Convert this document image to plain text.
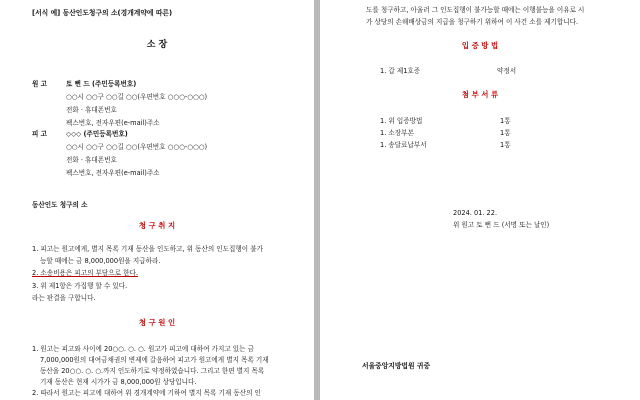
[서식 예] 동산인도청구의 소(경개계약에 따른)
소 장
원 고	토 뻔 드 (주민등록번호)
○○시 ○○구 ○○길 ○○(우편번호 ○○○-○○○)
전화 · 휴대폰번호
팩스번호, 전자우편(e-mail)주소
피 고	◇◇◇ (주민등록번호)
○○시 ○○구 ○○길 ○○(우편번호 ○○○-○○○)
전화 · 휴대폰번호
팩스번호, 전자우편(e-mail)주소
동산인도 청구의 소
청 구 취 지
1. 피고는 원고에게, 별지 목록 기재 동산을 인도하고, 위 동산의 인도집행이 불가
능할 때에는 금 8,000,000원을 지급하라.
2. 소송비용은 피고의 부담으로 한다.
3. 위 제1항은 가집행 할 수 있다.
라는 판결을 구합니다.
청 구 원 인
1. 원고는 피고와 사이에 20○○. ○. ○. 원고가 피고에 대하여 가지고 있는 금
7,000,000원의 대여금채권의 변제에 갈음하여 피고가 원고에게 별지 목록 기재
동산을 20○○. ○. ○.까지 인도하기로 약정하였습니다. 그리고 한편 별지 목록
기재 동산은 현재 시가가 금 8,000,000원 상당입니다.
2. 따라서 원고는 피고에 대하여 위 경개계약에 기하여 별지 목록 기재 동산의 인
도를 청구하고, 아울러 그 인도집행이 불가능할 때에는 이행불능을 이유로 시
가 상당의 손해배상금의 지급을 청구하기 위하여 이 사건 소를 제기합니다.
입 증 방 법
1. 갑 제1호증	약정서
첨 부 서 류
1. 위 입증방법	1통
1. 소장부본	1통
1. 송달료납부서	1통
2024. 01. 22.
위 원고 토 뻔 드 (서명 또는 날인)
서울중앙지방법원 귀중
